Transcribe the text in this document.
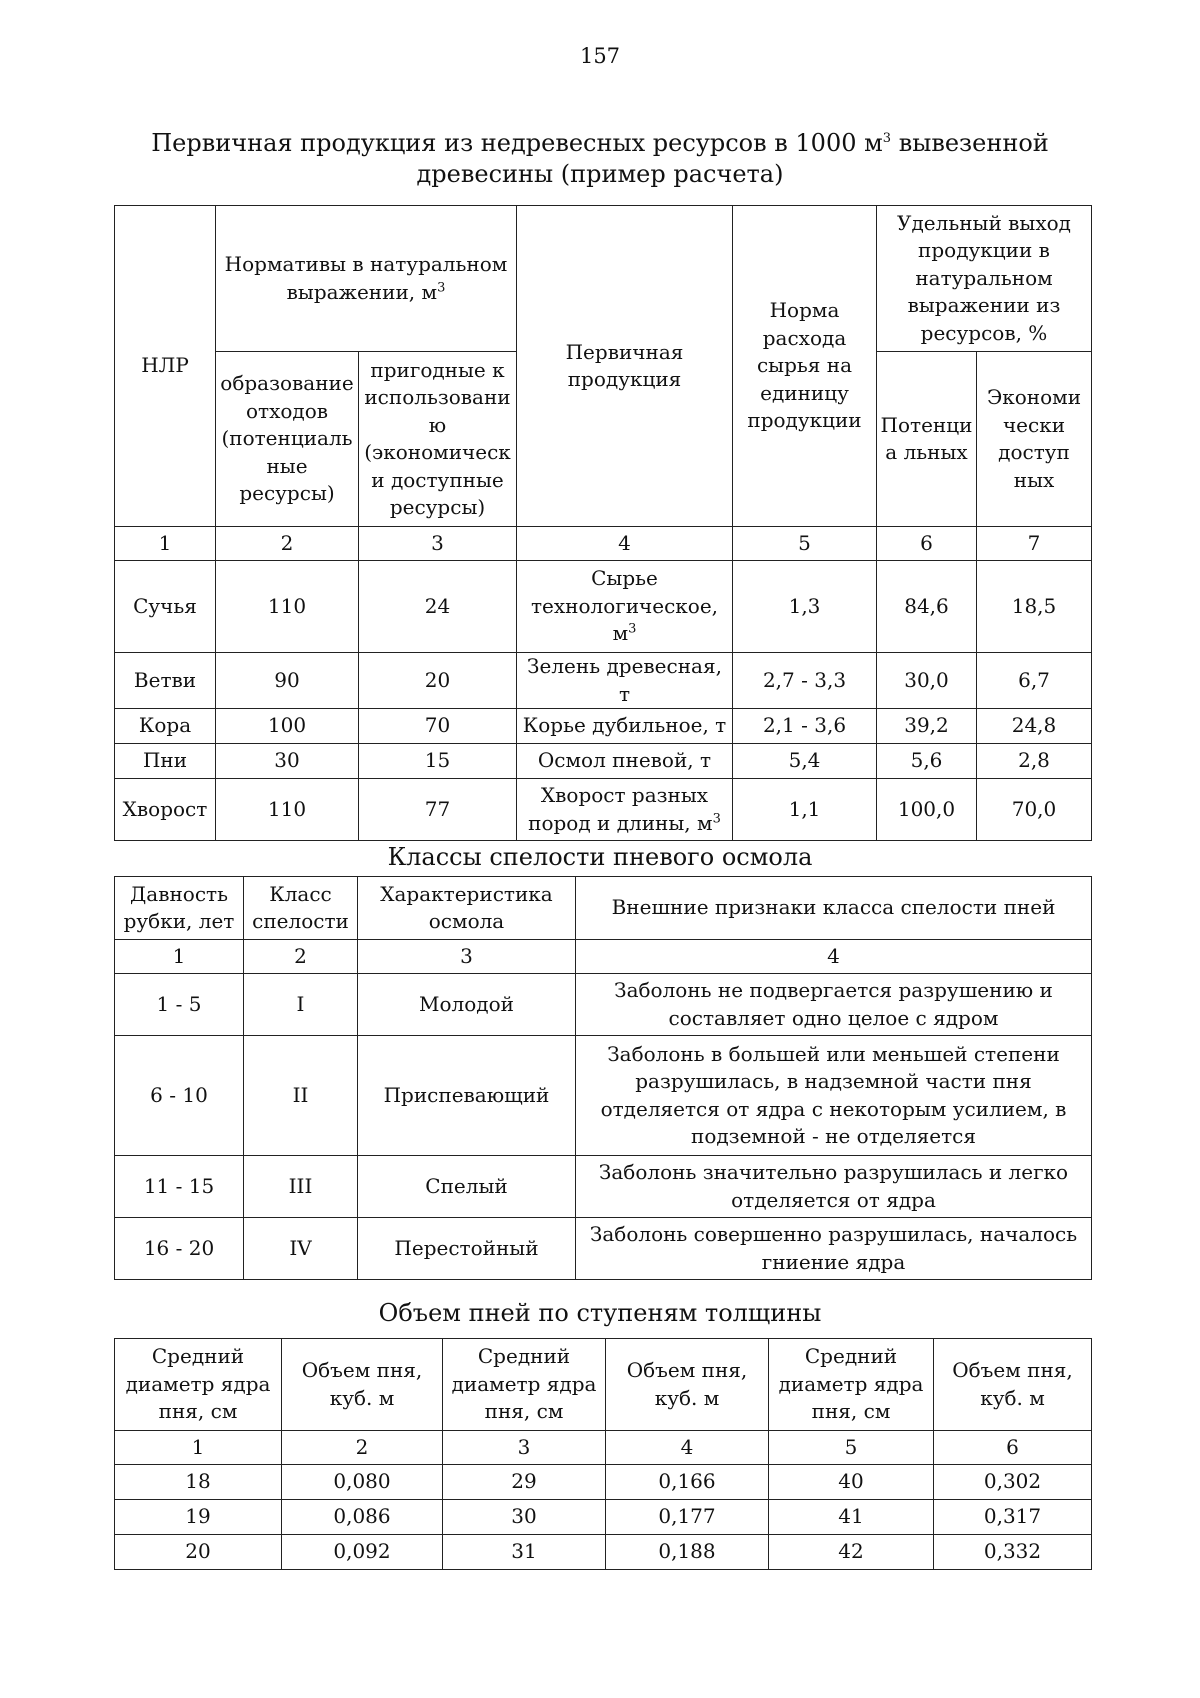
157
Первичная продукция из недревесных ресурсов в 1000 $м^3$ вывезенной
древесины (пример расчета)
НЛР	Нормативы в натуральном выражении, $м^3$		Первичная продукция	Норма расхода сырья на единицу продукции	Удельный выход продукции в натуральном выражении из ресурсов, %	
	образование отходов (потенциаль ные ресурсы)	пригодные к использовани ю (экономическ и доступные ресурсы)			Потенци а льных	Экономи чески доступ ных
1	2	3	4	5	6	7
Сучья	110	24	Сырье технологическое, $м^3$	1,3	84,6	18,5
Ветви	90	20	Зелень древесная, т	2,7 - 3,3	30,0	6,7
Кора	100	70	Корье дубильное, т	2,1 - 3,6	39,2	24,8
Пни	30	15	Осмол пневой, т	5,4	5,6	2,8
Хворост	110	77	Хворост разных пород и длины, $м^3$	1,1	100,0	70,0
Классы спелости пневого осмола
Давность рубки, лет	Класс спелости	Характеристика осмола	Внешние признаки класса спелости пней
1	2	3	4
1 - 5	I	Молодой	Заболонь не подвергается разрушению и составляет одно целое с ядром
6 - 10	II	Приспевающий	Заболонь в большей или меньшей степени разрушилась, в надземной части пня отделяется от ядра с некоторым усилием, в подземной - не отделяется
11 - 15	III	Спелый	Заболонь значительно разрушилась и легко отделяется от ядра
16 - 20	IV	Перестойный	Заболонь совершенно разрушилась, началось гниение ядра
Объем пней по ступеням толщины
Средний диаметр ядра пня, см	Объем пня, куб. м	Средний диаметр ядра пня, см	Объем пня, куб. м	Средний диаметр ядра пня, см	Объем пня, куб. м
1	2	3	4	5	6
18	0,080	29	0,166	40	0,302
19	0,086	30	0,177	41	0,317
20	0,092	31	0,188	42	0,332
